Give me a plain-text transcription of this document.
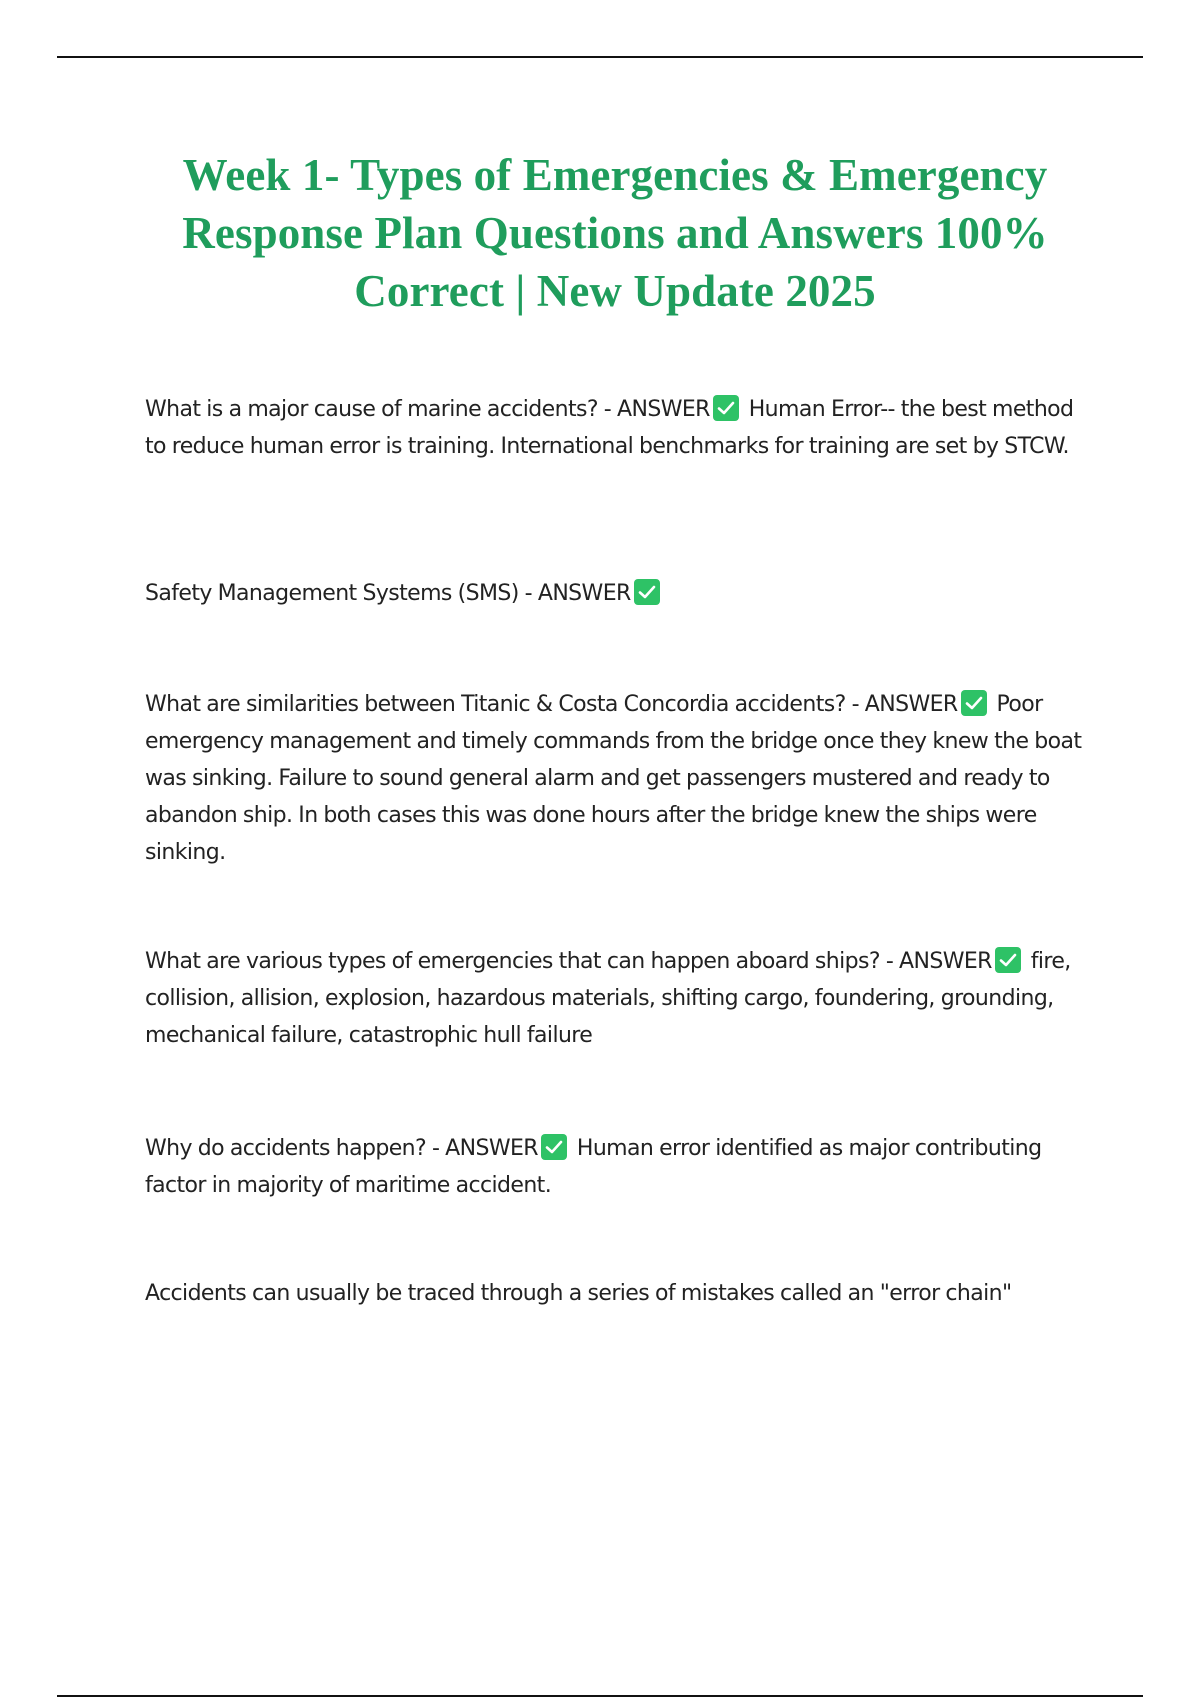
Week 1- Types of Emergencies & Emergency Response Plan Questions and Answers 100% Correct | New Update 2025

What is a major cause of marine accidents? - ANSWER
Human Error-- the best method to reduce human error is training. International benchmarks for training are set by STCW.

Safety Management Systems (SMS) - ANSWER

What are similarities between Titanic & Costa Concordia accidents? - ANSWER
Poor emergency management and timely commands from the bridge once they knew the boat was sinking. Failure to sound general alarm and get passengers mustered and ready to abandon ship. In both cases this was done hours after the bridge knew the ships were sinking.

What are various types of emergencies that can happen aboard ships? - ANSWER
fire, collision, allision, explosion, hazardous materials, shifting cargo, foundering, grounding, mechanical failure, catastrophic hull failure

Why do accidents happen? - ANSWER
Human error identified as major contributing factor in majority of maritime accident.

Accidents can usually be traced through a series of mistakes called an "error chain"
